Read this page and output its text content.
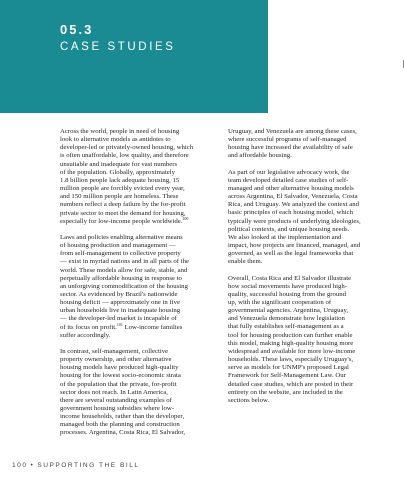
05.3
CASE STUDIES

Across the world, people in need of housing
look to alternative models as antidotes to
developer-led or privately-owned housing, which
is often unaffordable, low quality, and therefore
unsuitable and inadequate for vast numbers
of the population. Globally, approximately
1.8 billion people lack adequate housing, 15
million people are forcibly evicted every year,
and 150 million people are homeless. These
numbers reflect a deep failure by the for-profit
private sector to meet the demand for housing,
especially for low-income people worldwide.$^{100}$

Laws and policies enabling alternative means
of housing production and management —
from self-management to collective property
— exist in myriad nations and in all parts of the
world. These models allow for safe, stable, and
perpetually affordable housing in response to
an unforgiving commodification of the housing
sector. As evidenced by Brazil's nationwide
housing deficit — approximately one in five
urban households live in inadequate housing
— the developer-led market is incapable of
of its focus on profit.$^{101}$ Low-income families
suffer accordingly.

In contrast, self-management, collective
property ownership, and other alternative
housing models have produced high-quality
housing for the lowest socio-economic strata
of the population that the private, for-profit
sector does not reach. In Latin America,
there are several outstanding examples of
government housing subsidies where low-
income households, rather than the developer,
managed both the planning and construction
processes. Argentina, Costa Rica, El Salvador,

Uruguay, and Venezuela are among these cases,
where successful programs of self-managed
housing have increased the availability of safe
and affordable housing.

As part of our legislative advocacy work, the
team developed detailed case studies of self-
managed and other alternative housing models
across Argentina, El Salvador, Venezuela, Costa
Rica, and Uruguay. We analyzed the context and
basic principles of each housing model, which
typically were products of underlying ideologies,
political contexts, and unique housing needs.
We also looked at the implementation and
impact, how projects are financed, managed, and
governed, as well as the legal frameworks that
enable them.

Overall, Costa Rica and El Salvador illustrate
how social movements have produced high-
quality, successful housing from the ground
up, with the significant cooperation of
governmental agencies. Argentina, Uruguay,
and Venezuela demonstrate how legislation
that fully establishes self-management as a
tool for housing production can further enable
this model, making high-quality housing more
widespread and available for more low-income
households. These laws, especially Uruguay's,
serve as models for UNMP's proposed Legal
Framework for Self-Management Law. Our
detailed case studies, which are posted in their
entirety on the website, are included in the
sections below.

100 • SUPPORTING THE BILL
